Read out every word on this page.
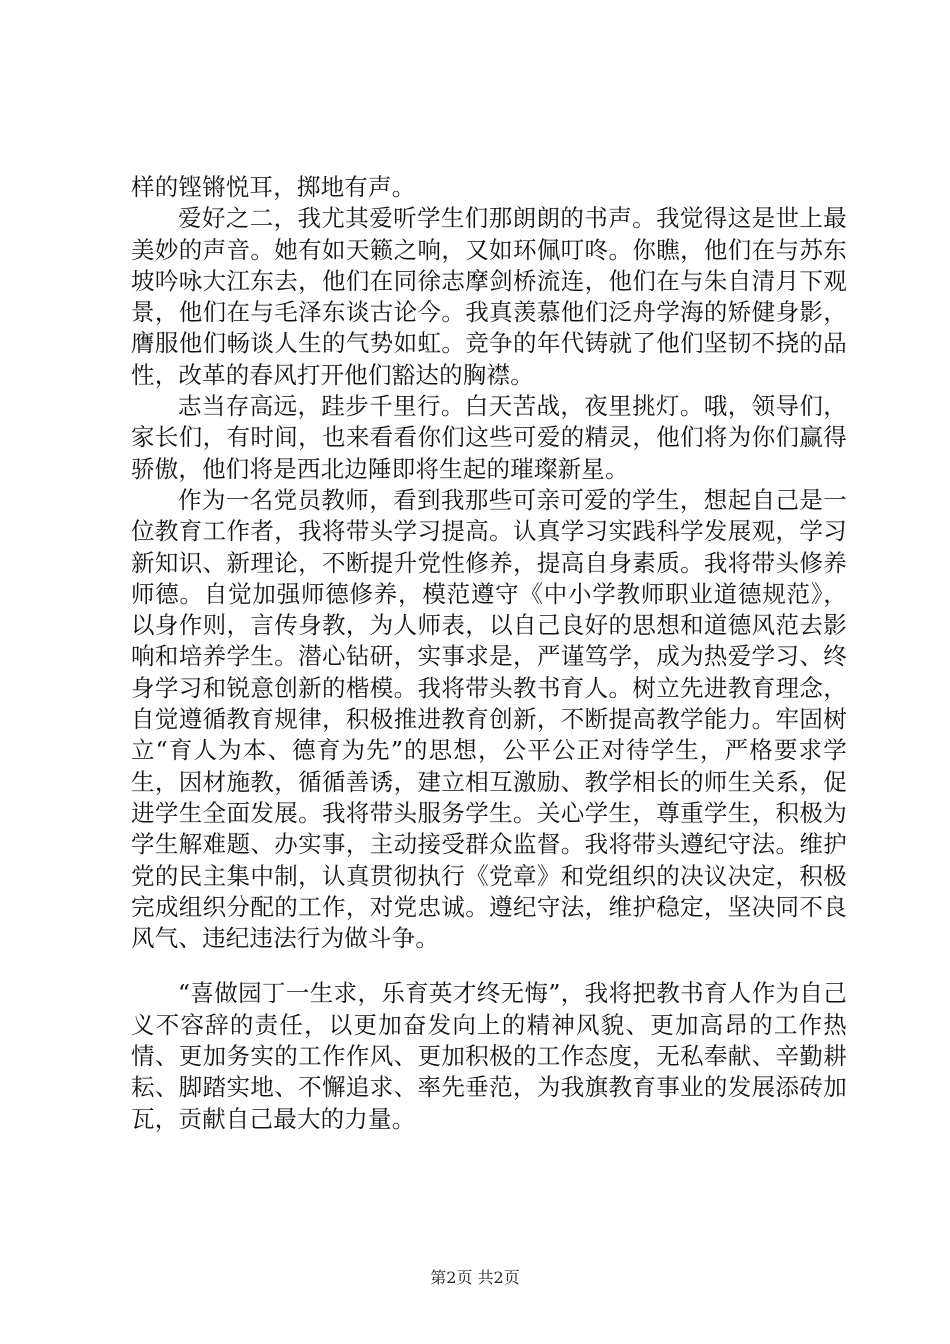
样的铿锵悦耳，掷地有声。

爱好之二，我尤其爱听学生们那朗朗的书声。我觉得这是世上最美妙的声音。她有如天籁之响，又如环佩叮咚。你瞧，他们在与苏东坡吟咏大江东去，他们在同徐志摩剑桥流连，他们在与朱自清月下观景，他们在与毛泽东谈古论今。我真羡慕他们泛舟学海的矫健身影，膺服他们畅谈人生的气势如虹。竞争的年代铸就了他们坚韧不挠的品性，改革的春风打开他们豁达的胸襟。

志当存高远，跬步千里行。白天苦战，夜里挑灯。哦，领导们，家长们，有时间，也来看看你们这些可爱的精灵，他们将为你们赢得骄傲，他们将是西北边陲即将生起的璀璨新星。

作为一名党员教师，看到我那些可亲可爱的学生，想起自己是一位教育工作者，我将带头学习提高。认真学习实践科学发展观，学习新知识、新理论，不断提升党性修养，提高自身素质。我将带头修养师德。自觉加强师德修养，模范遵守《中小学教师职业道德规范》，以身作则，言传身教，为人师表，以自己良好的思想和道德风范去影响和培养学生。潜心钻研，实事求是，严谨笃学，成为热爱学习、终身学习和锐意创新的楷模。我将带头教书育人。树立先进教育理念，自觉遵循教育规律，积极推进教育创新，不断提高教学能力。牢固树立“育人为本、德育为先”的思想，公平公正对待学生，严格要求学生，因材施教，循循善诱，建立相互激励、教学相长的师生关系，促进学生全面发展。我将带头服务学生。关心学生，尊重学生，积极为学生解难题、办实事，主动接受群众监督。我将带头遵纪守法。维护党的民主集中制，认真贯彻执行《党章》和党组织的决议决定，积极完成组织分配的工作，对党忠诚。遵纪守法，维护稳定，坚决同不良风气、违纪违法行为做斗争。

“喜做园丁一生求，乐育英才终无悔”，我将把教书育人作为自己义不容辞的责任，以更加奋发向上的精神风貌、更加高昂的工作热情、更加务实的工作作风、更加积极的工作态度，无私奉献、辛勤耕耘、脚踏实地、不懈追求、率先垂范，为我旗教育事业的发展添砖加瓦，贡献自己最大的力量。

第2页 共2页
